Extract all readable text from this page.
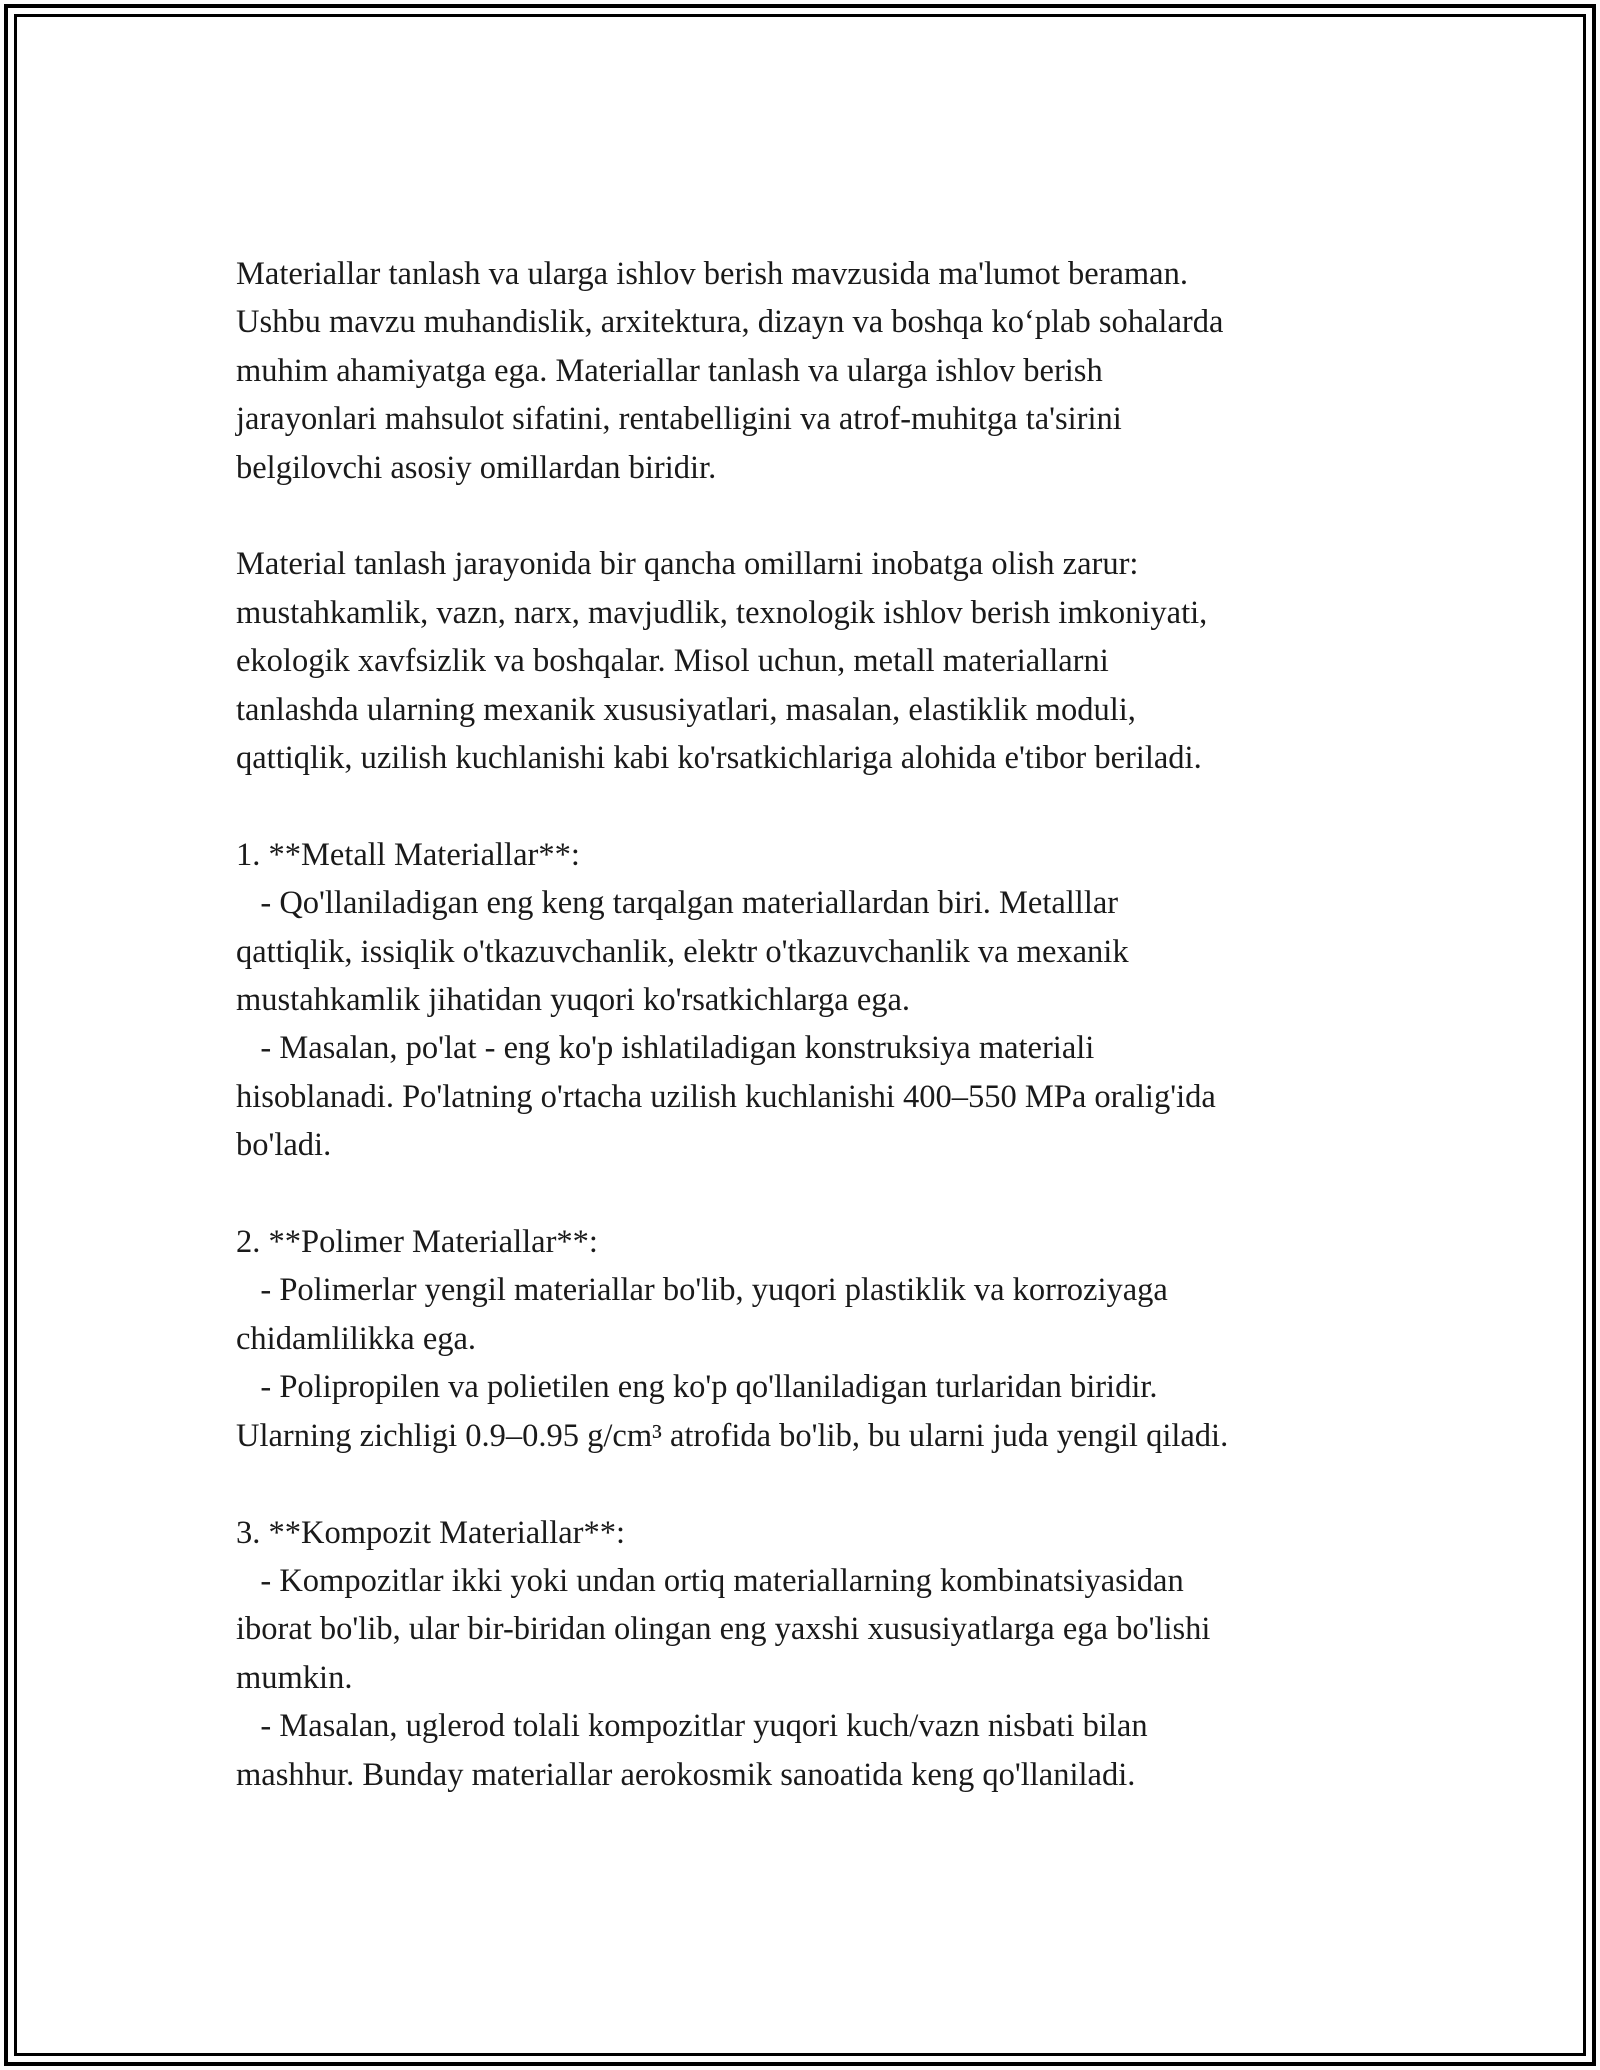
Materiallar tanlash va ularga ishlov berish mavzusida ma'lumot beraman.
Ushbu mavzu muhandislik, arxitektura, dizayn va boshqa ko‘plab sohalarda
muhim ahamiyatga ega. Materiallar tanlash va ularga ishlov berish
jarayonlari mahsulot sifatini, rentabelligini va atrof-muhitga ta'sirini
belgilovchi asosiy omillardan biridir.
Material tanlash jarayonida bir qancha omillarni inobatga olish zarur:
mustahkamlik, vazn, narx, mavjudlik, texnologik ishlov berish imkoniyati,
ekologik xavfsizlik va boshqalar. Misol uchun, metall materiallarni
tanlashda ularning mexanik xususiyatlari, masalan, elastiklik moduli,
qattiqlik, uzilish kuchlanishi kabi ko'rsatkichlariga alohida e'tibor beriladi.
1. **Metall Materiallar**:
- Qo'llaniladigan eng keng tarqalgan materiallardan biri. Metalllar
qattiqlik, issiqlik o'tkazuvchanlik, elektr o'tkazuvchanlik va mexanik
mustahkamlik jihatidan yuqori ko'rsatkichlarga ega.
- Masalan, po'lat - eng ko'p ishlatiladigan konstruksiya materiali
hisoblanadi. Po'latning o'rtacha uzilish kuchlanishi 400–550 MPa oralig'ida
bo'ladi.
2. **Polimer Materiallar**:
- Polimerlar yengil materiallar bo'lib, yuqori plastiklik va korroziyaga
chidamlilikka ega.
- Polipropilen va polietilen eng ko'p qo'llaniladigan turlaridan biridir.
Ularning zichligi 0.9–0.95 g/cm³ atrofida bo'lib, bu ularni juda yengil qiladi.
3. **Kompozit Materiallar**:
- Kompozitlar ikki yoki undan ortiq materiallarning kombinatsiyasidan
iborat bo'lib, ular bir-biridan olingan eng yaxshi xususiyatlarga ega bo'lishi
mumkin.
- Masalan, uglerod tolali kompozitlar yuqori kuch/vazn nisbati bilan
mashhur. Bunday materiallar aerokosmik sanoatida keng qo'llaniladi.
